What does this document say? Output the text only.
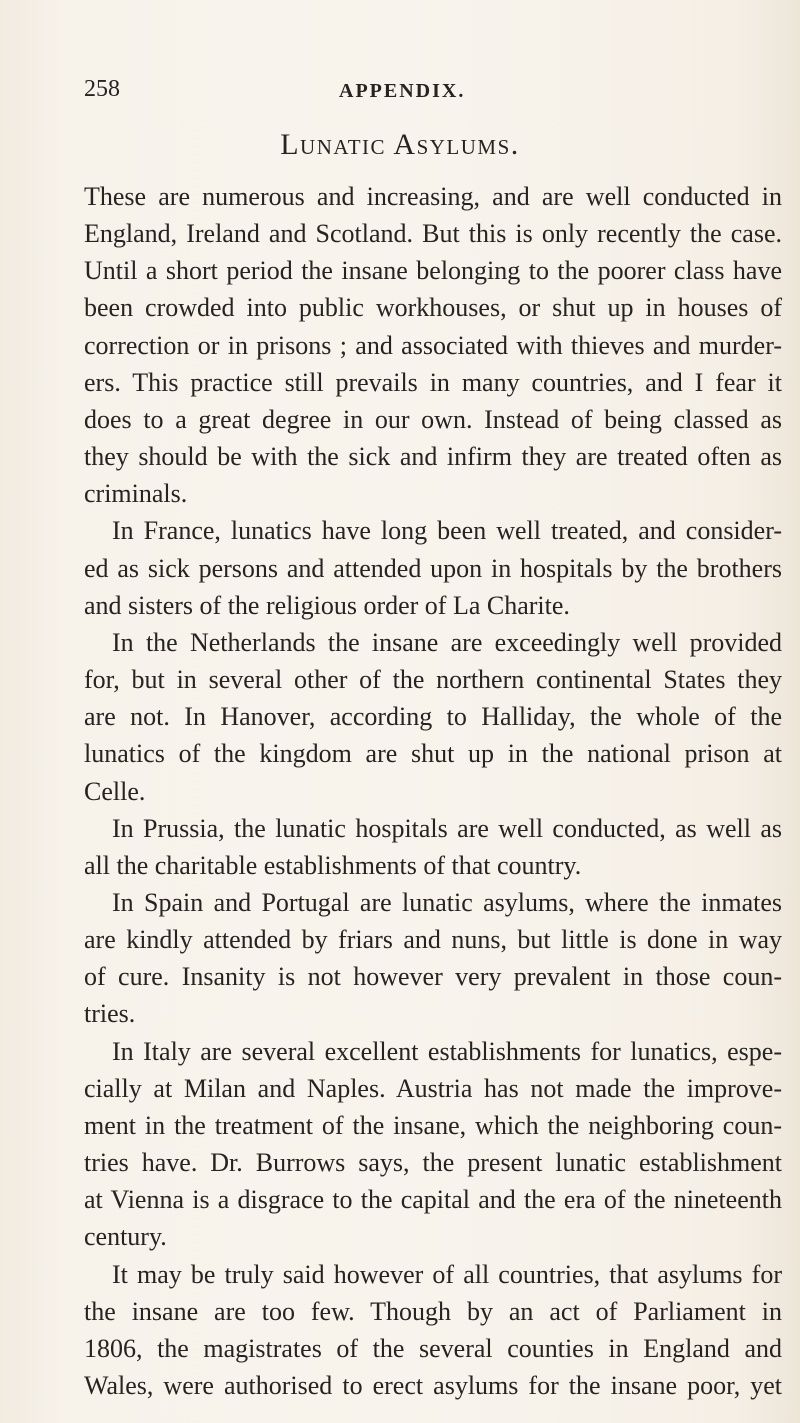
258	APPENDIX.
Lunatic Asylums.
These are numerous and increasing, and are well conducted in
England, Ireland and Scotland. But this is only recently the case.
Until a short period the insane belonging to the poorer class have
been crowded into public workhouses, or shut up in houses of
correction or in prisons ; and associated with thieves and murder-
ers. This practice still prevails in many countries, and I fear it
does to a great degree in our own. Instead of being classed as
they should be with the sick and infirm they are treated often as
criminals.
In France, lunatics have long been well treated, and consider-
ed as sick persons and attended upon in hospitals by the brothers
and sisters of the religious order of La Charite.
In the Netherlands the insane are exceedingly well provided
for, but in several other of the northern continental States they
are not. In Hanover, according to Halliday, the whole of the
lunatics of the kingdom are shut up in the national prison at
Celle.
In Prussia, the lunatic hospitals are well conducted, as well as
all the charitable establishments of that country.
In Spain and Portugal are lunatic asylums, where the inmates
are kindly attended by friars and nuns, but little is done in way
of cure. Insanity is not however very prevalent in those coun-
tries.
In Italy are several excellent establishments for lunatics, espe-
cially at Milan and Naples. Austria has not made the improve-
ment in the treatment of the insane, which the neighboring coun-
tries have. Dr. Burrows says, the present lunatic establishment
at Vienna is a disgrace to the capital and the era of the nineteenth
century.
It may be truly said however of all countries, that asylums for
the insane are too few. Though by an act of Parliament in
1806, the magistrates of the several counties in England and
Wales, were authorised to erect asylums for the insane poor, yet
